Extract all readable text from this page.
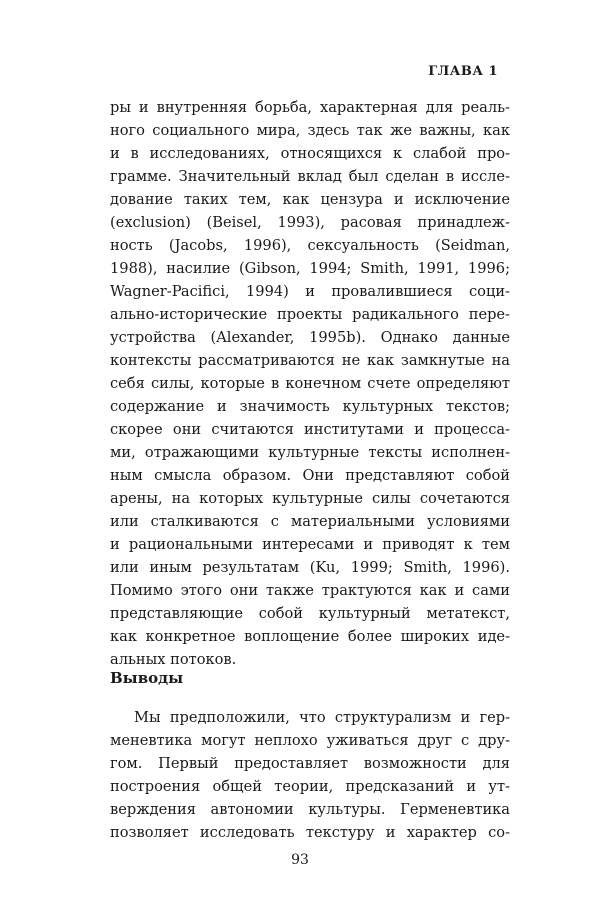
ГЛАВА 1
ры и внутренняя борьба, характерная для реаль-
ного социального мира, здесь так же важны, как
и в исследованиях, относящихся к слабой про-
грамме. Значительный вклад был сделан в иссле-
дование таких тем, как цензура и исключение
(exclusion) (Beisel, 1993), расовая принадлеж-
ность (Jacobs, 1996), сексуальность (Seidman,
1988), насилие (Gibson, 1994; Smith, 1991, 1996;
Wagner-Pacifici, 1994) и провалившиеся соци-
ально-исторические проекты радикального пере-
устройства (Alexander, 1995b). Однако данные
контексты рассматриваются не как замкнутые на
себя силы, которые в конечном счете определяют
содержание и значимость культурных текстов;
скорее они считаются институтами и процесса-
ми, отражающими культурные тексты исполнен-
ным смысла образом. Они представляют собой
арены, на которых культурные силы сочетаются
или сталкиваются с материальными условиями
и рациональными интересами и приводят к тем
или иным результатам (Ku, 1999; Smith, 1996).
Помимо этого они также трактуются как и сами
представляющие собой культурный метатекст,
как конкретное воплощение более широких иде-
альных потоков.
Выводы
Мы предположили, что структурализм и гер-
меневтика могут неплохо уживаться друг с дру-
гом. Первый предоставляет возможности для
построения общей теории, предсказаний и ут-
верждения автономии культуры. Герменевтика
позволяет исследовать текстуру и характер со-
93
